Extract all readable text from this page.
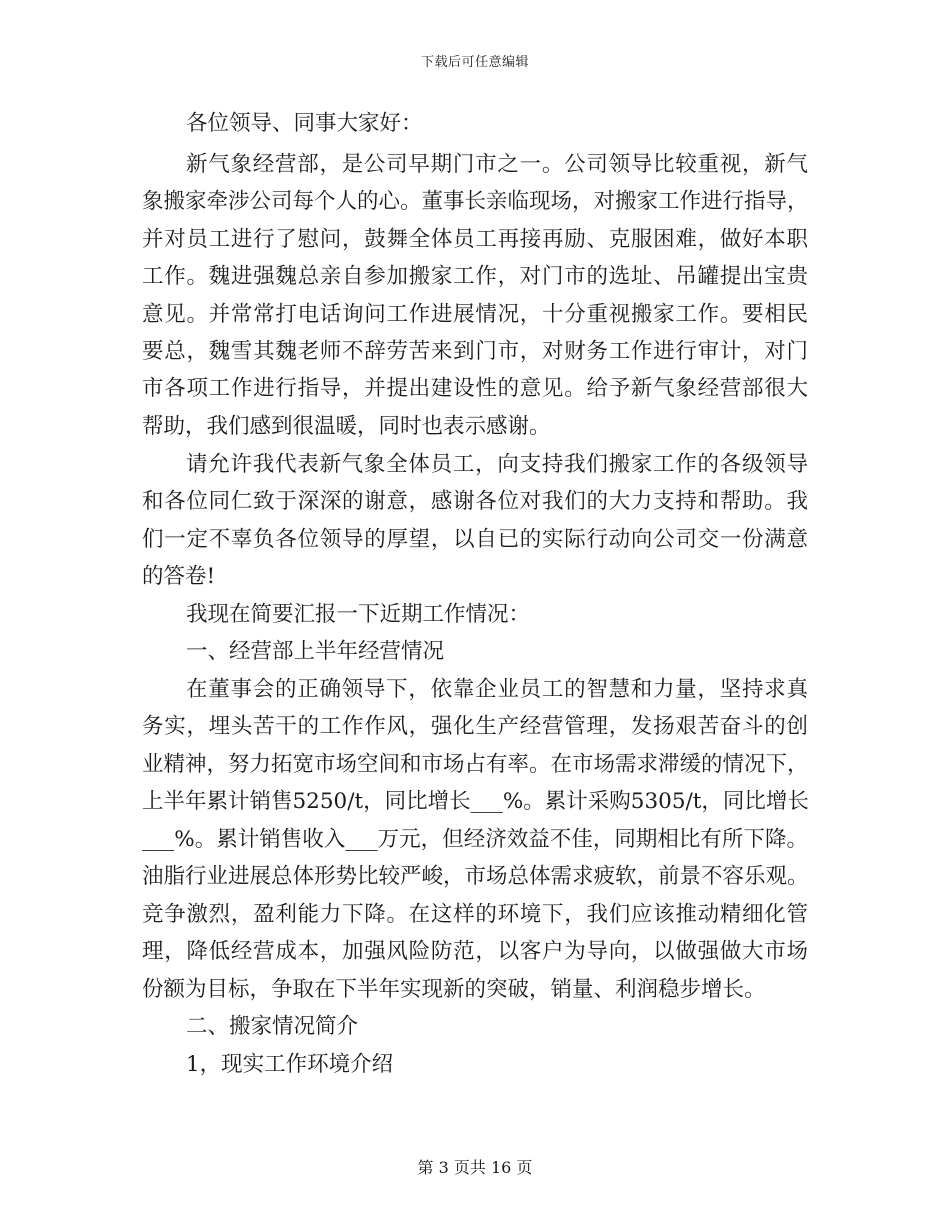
下载后可任意编辑
各位领导、同事大家好：
新气象经营部，是公司早期门市之一。公司领导比较重视，新气
象搬家牵涉公司每个人的心。董事长亲临现场，对搬家工作进行指导，
并对员工进行了慰问，鼓舞全体员工再接再励、克服困难，做好本职
工作。魏进强魏总亲自参加搬家工作，对门市的选址、吊罐提出宝贵
意见。并常常打电话询问工作进展情况，十分重视搬家工作。要相民
要总，魏雪其魏老师不辞劳苦来到门市，对财务工作进行审计，对门
市各项工作进行指导，并提出建设性的意见。给予新气象经营部很大
帮助，我们感到很温暖，同时也表示感谢。
请允许我代表新气象全体员工，向支持我们搬家工作的各级领导
和各位同仁致于深深的谢意，感谢各位对我们的大力支持和帮助。我
们一定不辜负各位领导的厚望，以自已的实际行动向公司交一份满意
的答卷!
我现在简要汇报一下近期工作情况：
一、经营部上半年经营情况
在董事会的正确领导下，依靠企业员工的智慧和力量，坚持求真
务实，埋头苦干的工作作风，强化生产经营管理，发扬艰苦奋斗的创
业精神，努力拓宽市场空间和市场占有率。在市场需求滞缓的情况下，
上半年累计销售5250/t，同比增长___%。累计采购5305/t，同比增长
___%。累计销售收入___万元，但经济效益不佳，同期相比有所下降。
油脂行业进展总体形势比较严峻，市场总体需求疲软，前景不容乐观。
竞争激烈，盈利能力下降。在这样的环境下，我们应该推动精细化管
理，降低经营成本，加强风险防范，以客户为导向，以做强做大市场
份额为目标，争取在下半年实现新的突破，销量、利润稳步增长。
二、搬家情况简介
1，现实工作环境介绍
第 3 页共 16 页
